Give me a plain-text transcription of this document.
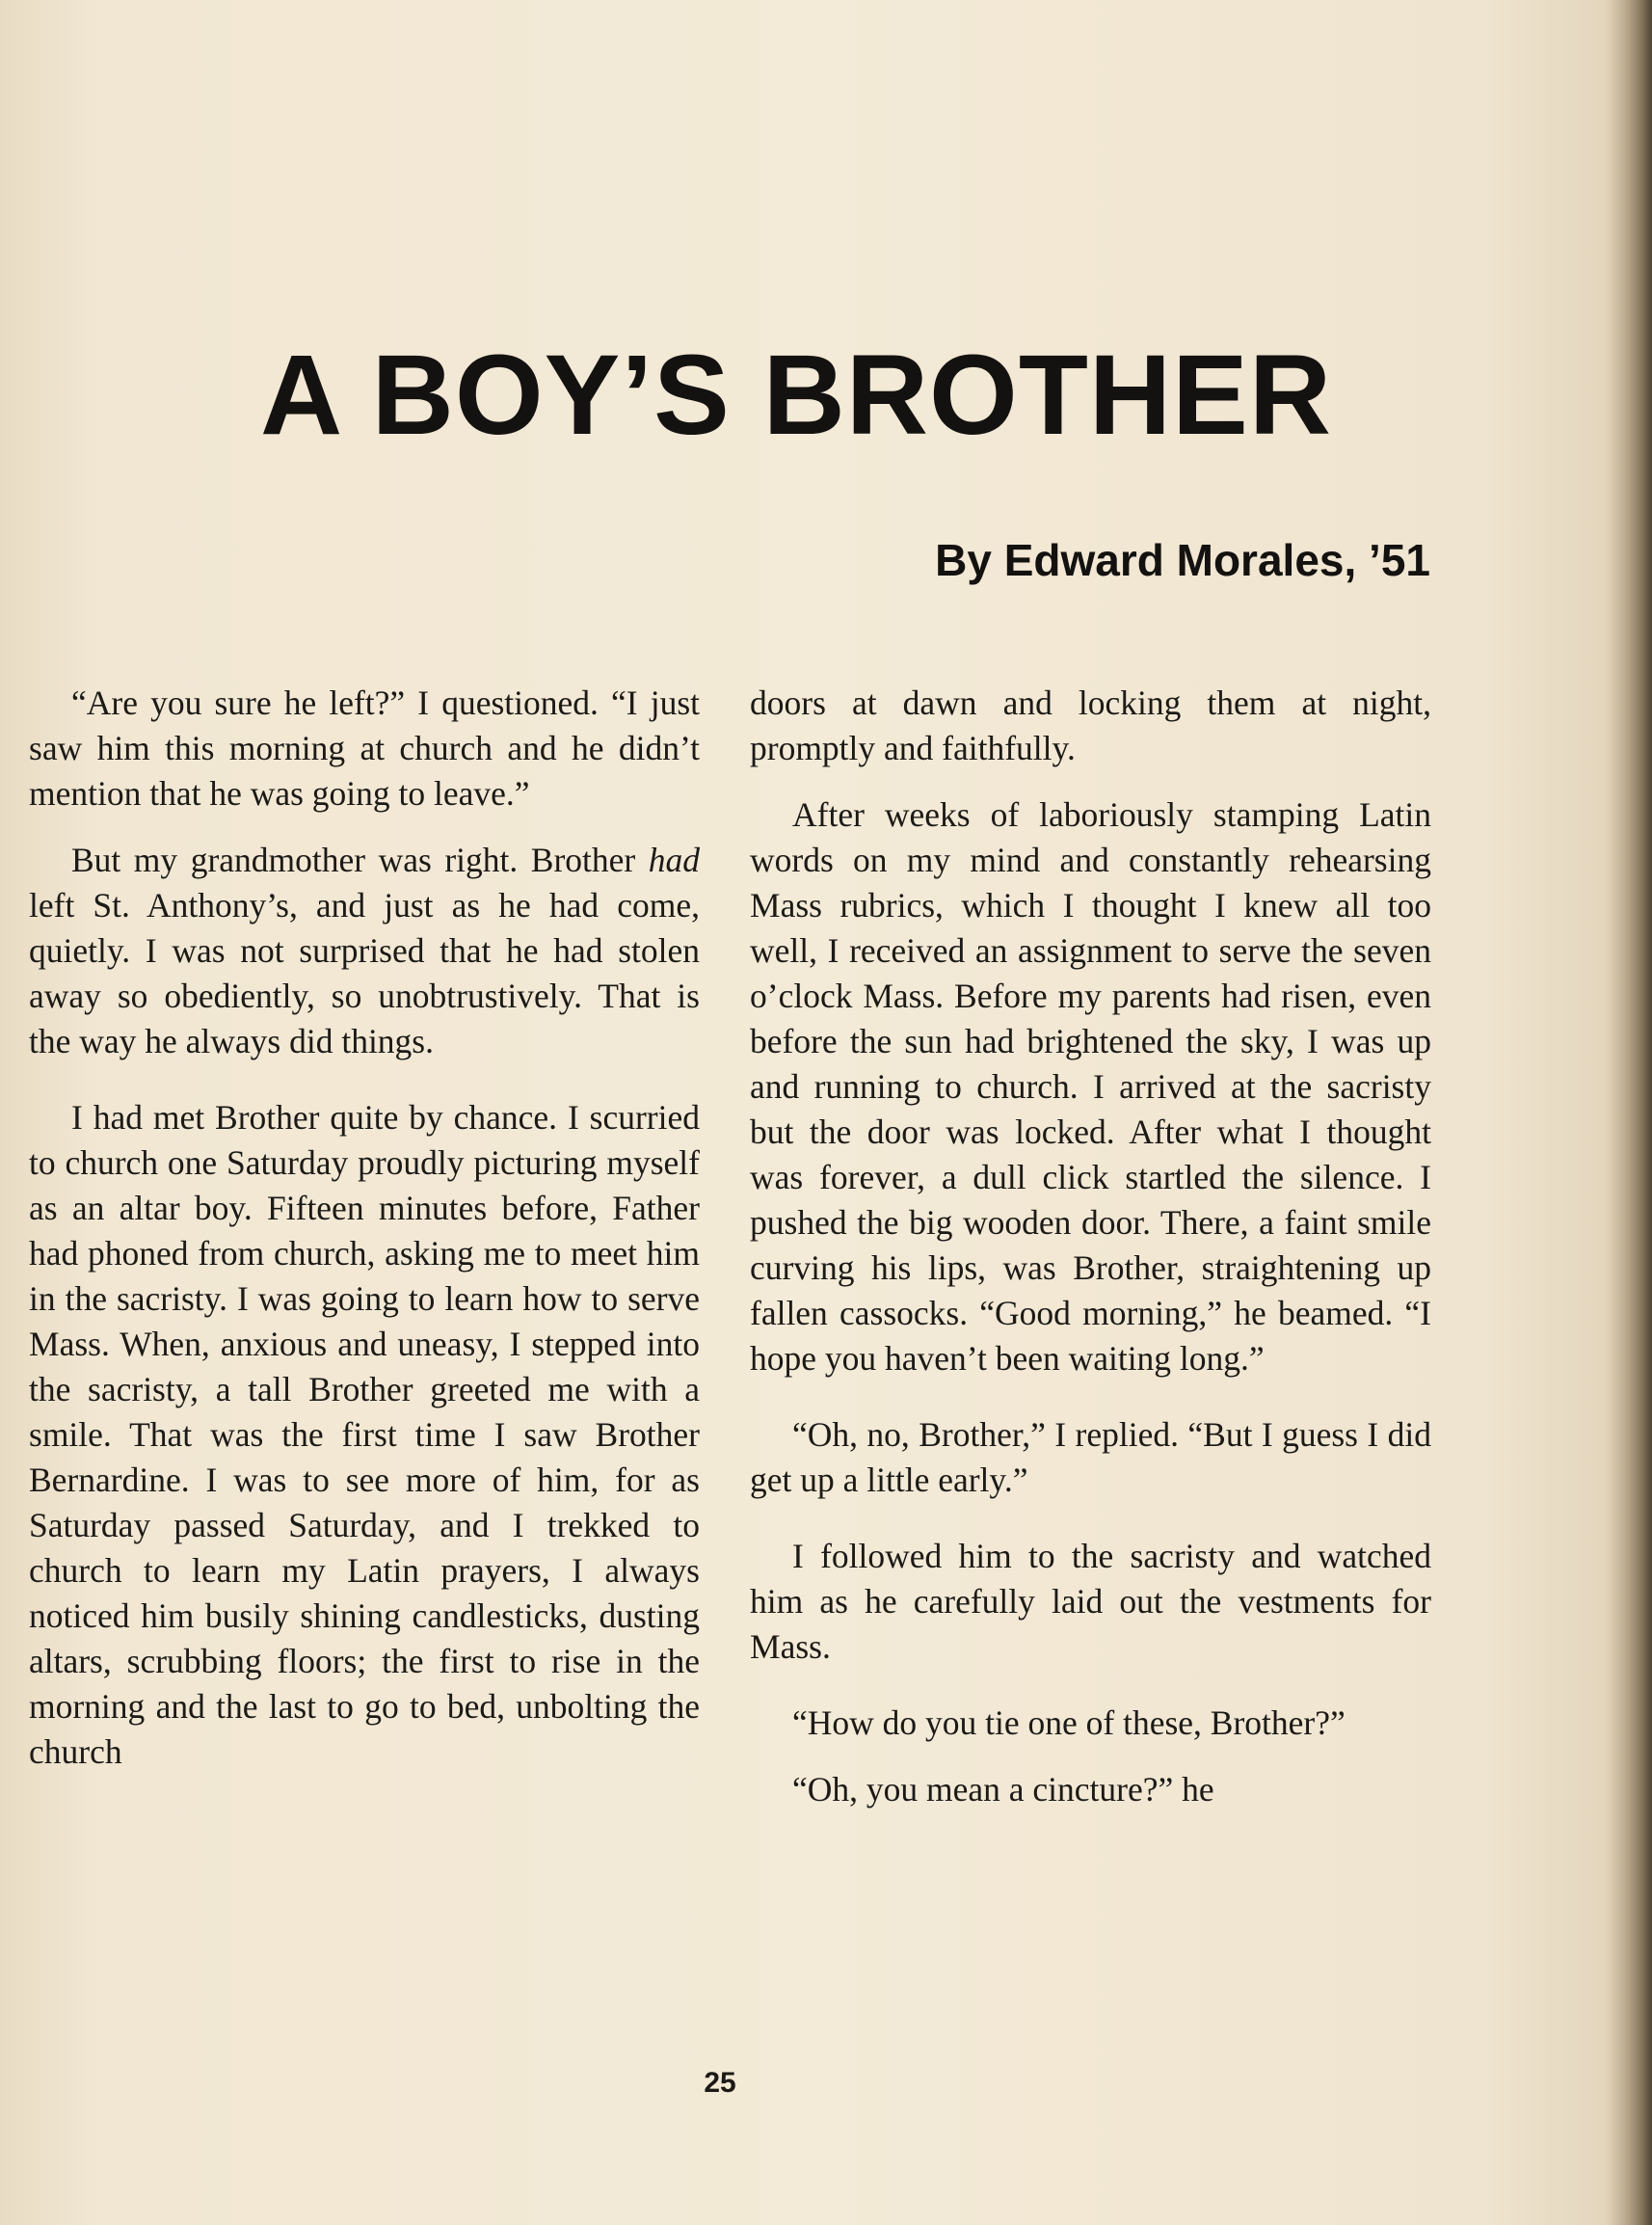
A BOY’S BROTHER
By Edward Morales, ’51

“Are you sure he left?” I questioned. “I just saw him this morning at church and he didn’t mention that he was going to leave.”

But my grandmother was right. Brother had left St. Anthony’s, and just as he had come, quietly. I was not surprised that he had stolen away so obediently, so unobtrustively. That is the way he always did things.

I had met Brother quite by chance. I scurried to church one Saturday proudly picturing myself as an altar boy. Fifteen minutes before, Father had phoned from church, asking me to meet him in the sacristy. I was going to learn how to serve Mass. When, anxious and uneasy, I stepped into the sacristy, a tall Brother greeted me with a smile. That was the first time I saw Brother Bernardine. I was to see more of him, for as Saturday passed Saturday, and I trekked to church to learn my Latin prayers, I always noticed him busily shining candlesticks, dusting altars, scrubbing floors; the first to rise in the morning and the last to go to bed, unbolting the church

doors at dawn and locking them at night, promptly and faithfully.

After weeks of laboriously stamping Latin words on my mind and constantly rehearsing Mass rubrics, which I thought I knew all too well, I received an assignment to serve the seven o’clock Mass. Before my parents had risen, even before the sun had brightened the sky, I was up and running to church. I arrived at the sacristy but the door was locked. After what I thought was forever, a dull click startled the silence. I pushed the big wooden door. There, a faint smile curving his lips, was Brother, straightening up fallen cassocks. “Good morning,” he beamed. “I hope you haven’t been waiting long.”

“Oh, no, Brother,” I replied. “But I guess I did get up a little early.”

I followed him to the sacristy and watched him as he carefully laid out the vestments for Mass.

“How do you tie one of these, Brother?”

“Oh, you mean a cincture?” he

25
